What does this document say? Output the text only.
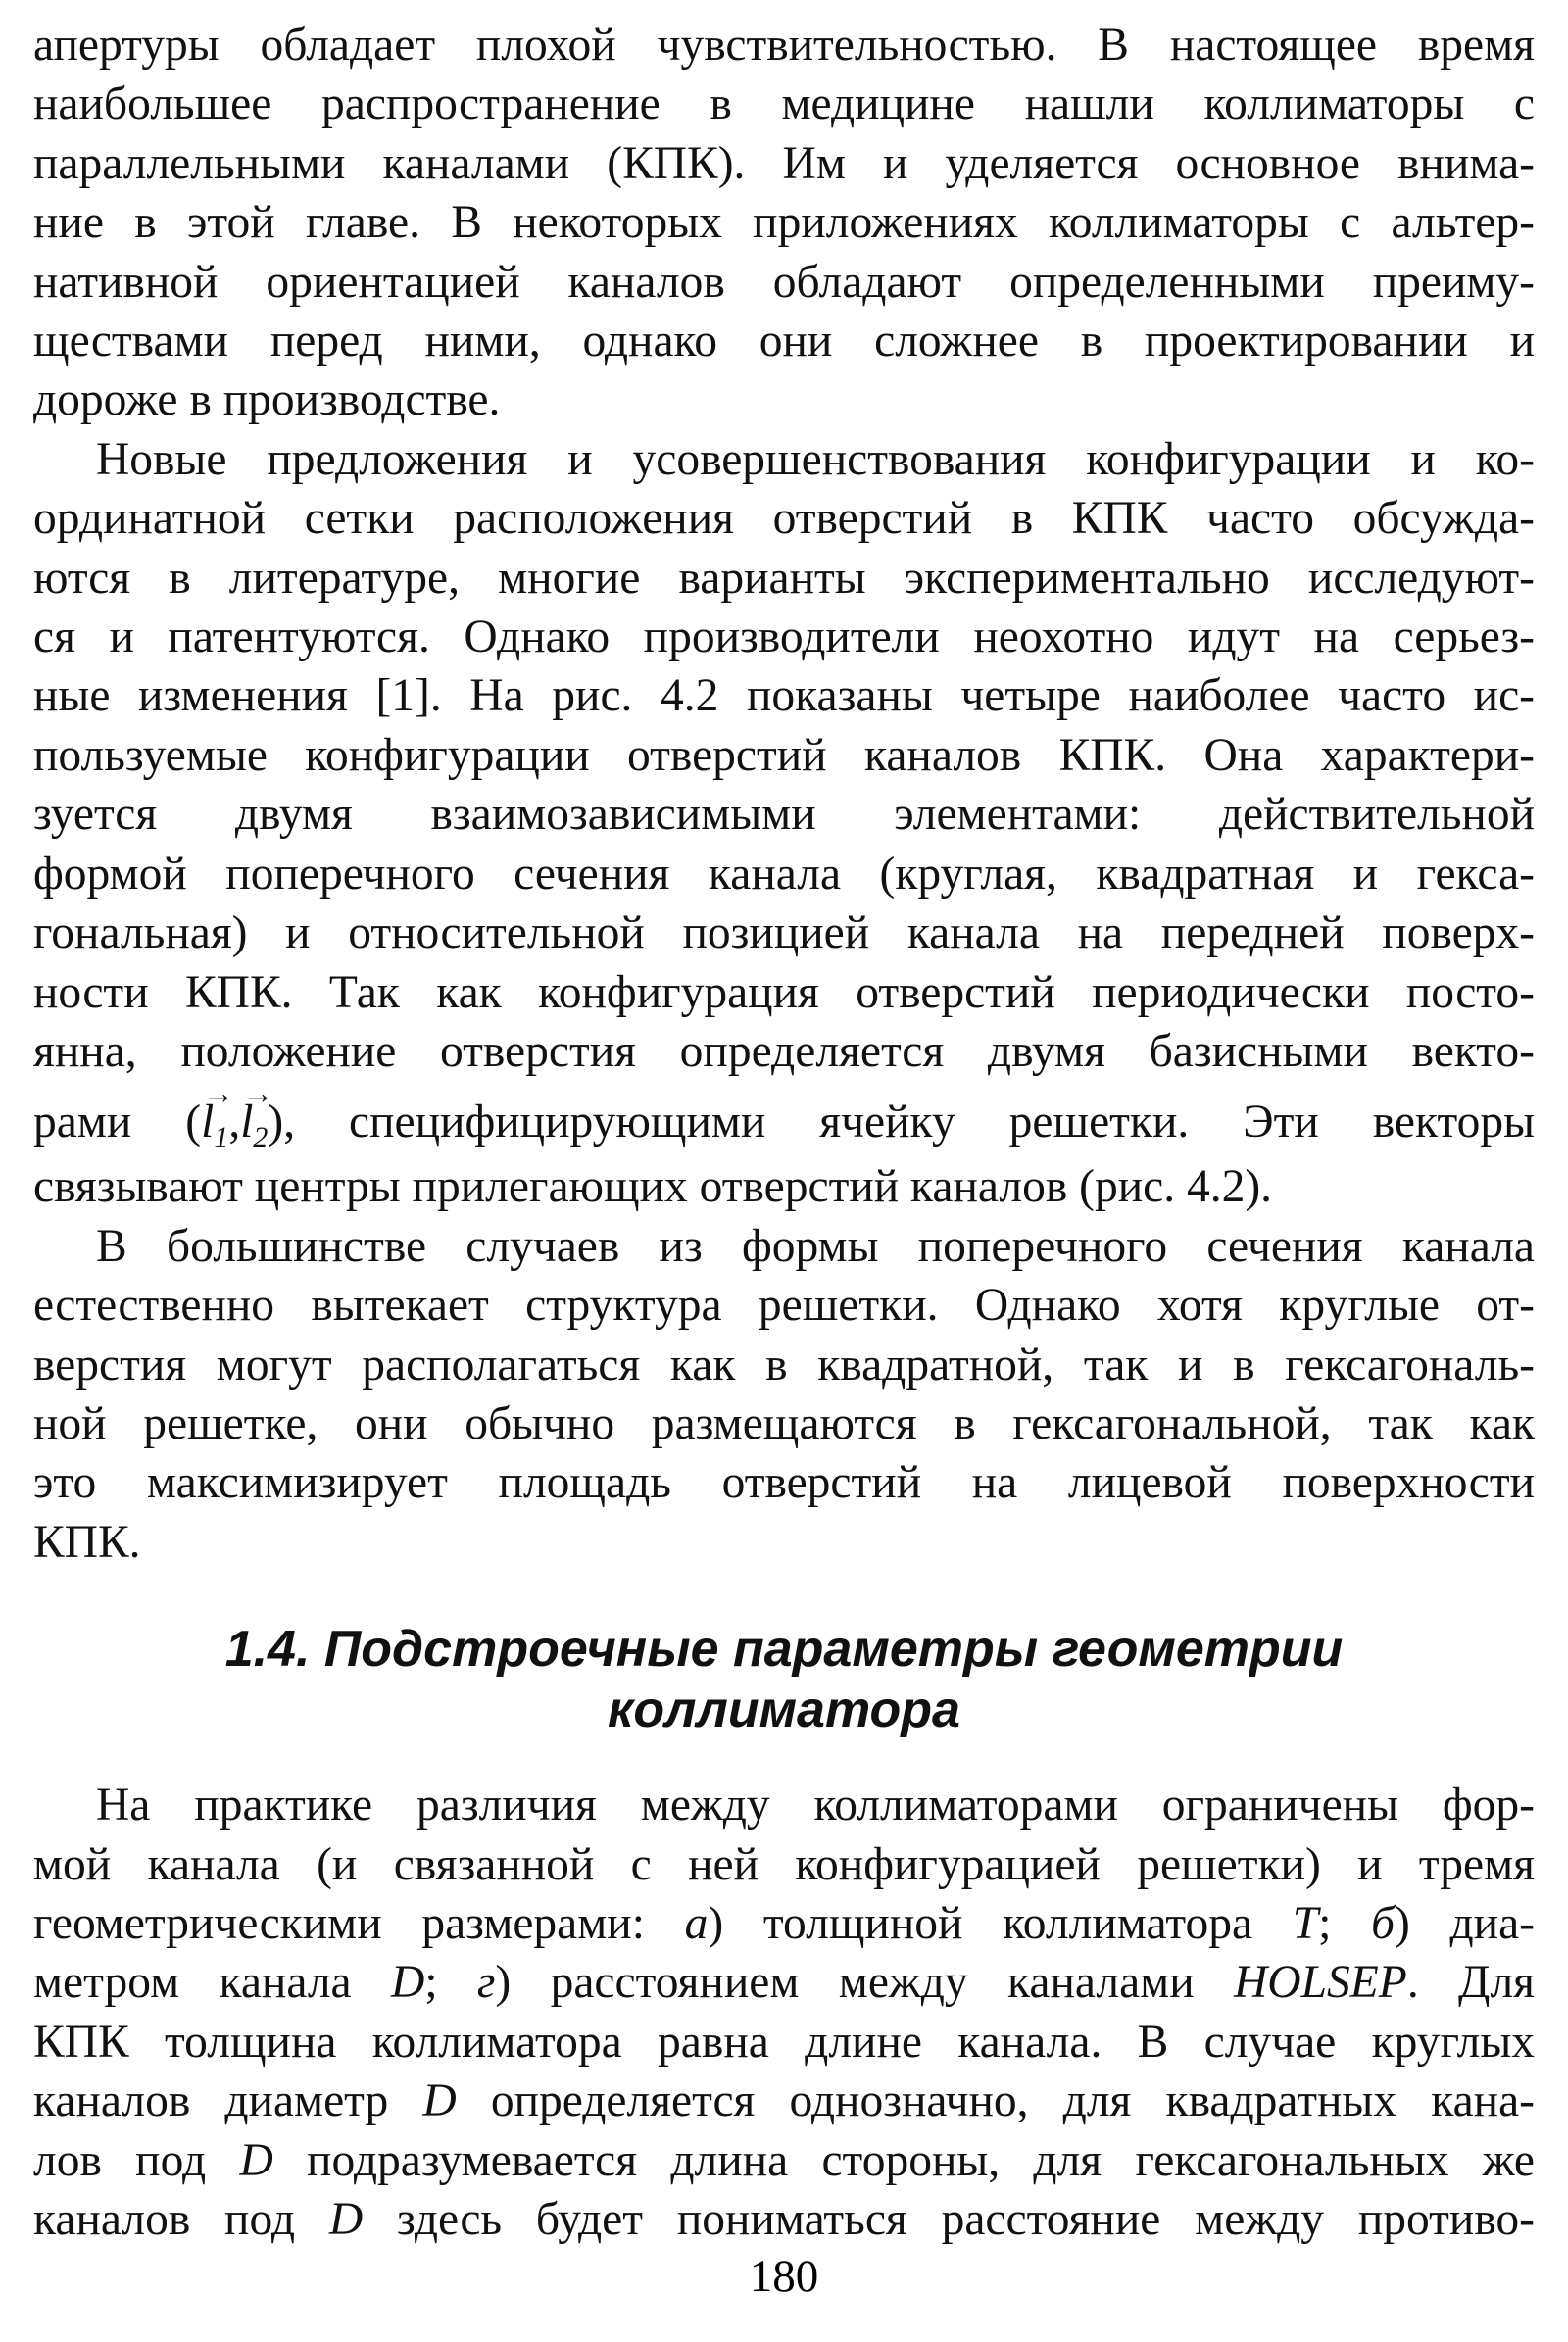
апертуры обладает плохой чувствительностью. В настоящее время
наибольшее распространение в медицине нашли коллиматоры с
параллельными каналами (КПК). Им и уделяется основное внима-
ние в этой главе. В некоторых приложениях коллиматоры с альтер-
нативной ориентацией каналов обладают определенными преиму-
ществами перед ними, однако они сложнее в проектировании и
дороже в производстве.

Новые предложения и усовершенствования конфигурации и ко-
ординатной сетки расположения отверстий в КПК часто обсужда-
ются в литературе, многие варианты экспериментально исследуют-
ся и патентуются. Однако производители неохотно идут на серьез-
ные изменения [1]. На рис. 4.2 показаны четыре наиболее часто ис-
пользуемые конфигурации отверстий каналов КПК. Она характери-
зуется двумя взаимозависимыми элементами: действительной
формой поперечного сечения канала (круглая, квадратная и гекса-
гональная) и относительной позицией канала на передней поверх-
ности КПК. Так как конфигурация отверстий периодически посто-
янна, положение отверстия определяется двумя базисными векто-
рами (→ $l_1,\to l_2$), специфицирующими ячейку решетки. Эти векторы
связывают центры прилегающих отверстий каналов (рис. 4.2).

В большинстве случаев из формы поперечного сечения канала
естественно вытекает структура решетки. Однако хотя круглые от-
верстия могут располагаться как в квадратной, так и в гексагональ-
ной решетке, они обычно размещаются в гексагональной, так как
это максимизирует площадь отверстий на лицевой поверхности
КПК.

1.4. Подстроечные параметры геометрии
коллиматора

На практике различия между коллиматорами ограничены фор-
мой канала (и связанной с ней конфигурацией решетки) и тремя
геометрическими размерами: а) толщиной коллиматора T; б) диа-
метром канала D; г) расстоянием между каналами HOLSEP. Для
КПК толщина коллиматора равна длине канала. В случае круглых
каналов диаметр D определяется однозначно, для квадратных кана-
лов под D подразумевается длина стороны, для гексагональных же
каналов под D здесь будет пониматься расстояние между противо-

180
